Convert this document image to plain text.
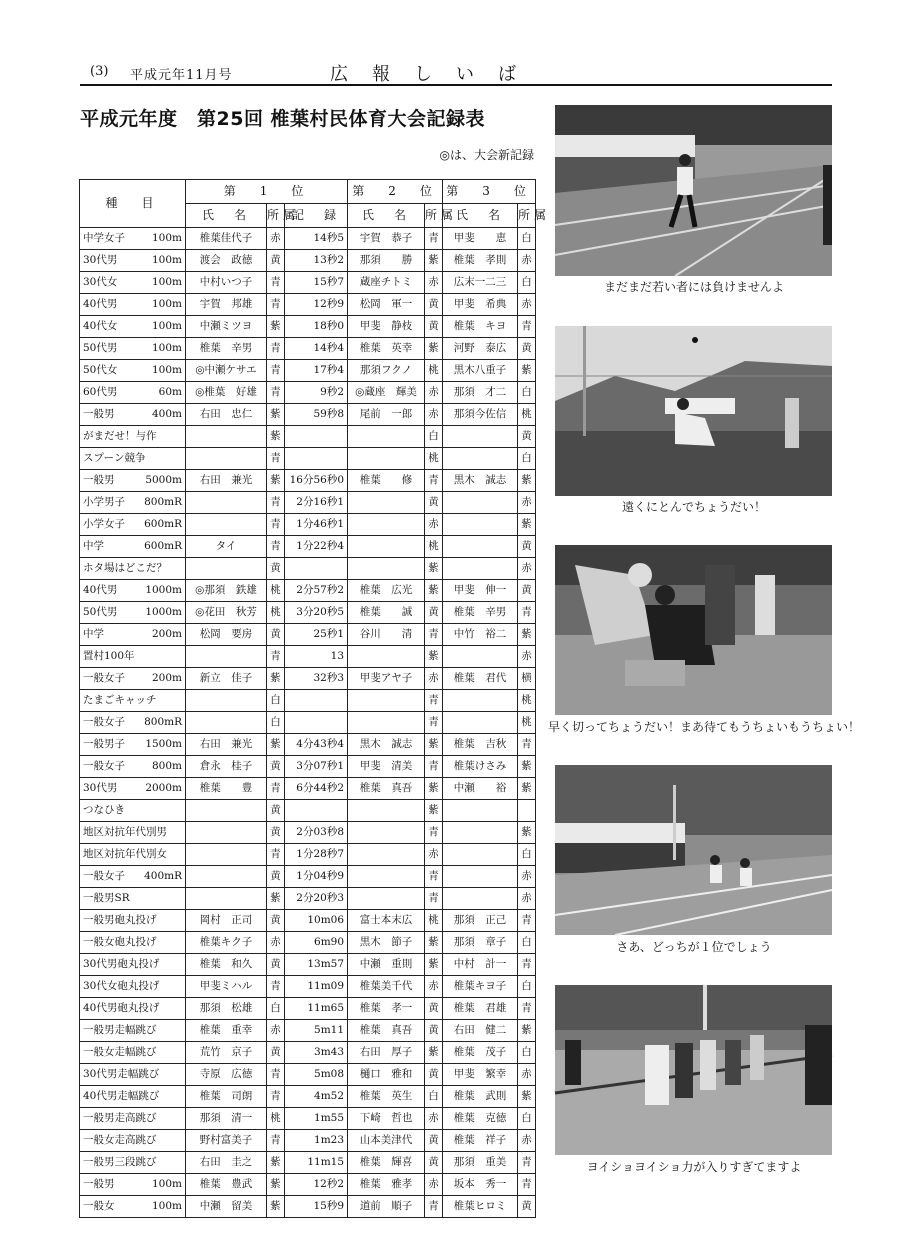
(3) 平成元年11月号	広報しいば
平成元年度　第25回 椎葉村民体育大会記録表
◎は、大会新記録
種　目	第　1　位			第　2　位		第　3　位	
	氏　名	所属	記　録	氏　名	所属	氏　名	所属

中学女子 100m	椎葉佳代子	赤	14秒5	宇賀　恭子	青	甲斐　　恵	白

30代男 100m	渡会　政徳	黄	13秒2	那須　　勝	紫	椎葉　孝則	赤

30代女 100m	中村いつ子	青	15秒7	蔵座チトミ	赤	広末一二三	白

40代男 100m	宇賀　邦雄	青	12秒9	松岡　軍一	黄	甲斐　希典	赤

40代女 100m	中瀬ミツヨ	紫	18秒0	甲斐　静枝	黄	椎葉　キヨ	青

50代男 100m	椎葉　辛男	青	14秒4	椎葉　英幸	紫	河野　泰広	黄

50代女 100m	◎中瀬ケサエ	青	17秒4	那須フクノ	桃	黒木八重子	紫

60代男 60m	◎椎葉　好雄	青	9秒2	◎蔵座　輝美	赤	那須　才二	白

一般男 400m	右田　忠仁	紫	59秒8	尾前　一郎	赤	那須今佐信	桃

がまだせ！与作		紫			白		黄

スプーン競争		青			桃		白

一般男 5000m	右田　兼光	紫	16分56秒0	椎葉　　修	青	黒木　誠志	紫

小学男子 800mR		青	2分16秒1		黄		赤

小学女子 600mR		青	1分46秒1		赤		紫

中学 600mR	タイ	青	1分22秒4		桃		黄

ホタ場はどこだ？		黄			紫		赤

40代男 1000m	◎那須　鉄雄	桃	2分57秒2	椎葉　広光	紫	甲斐　伸一	黄

50代男 1000m	◎花田　秋芳	桃	3分20秒5	椎葉　　誠	黄	椎葉　辛男	青

中学 200m	松岡　要房	黄	25秒1	谷川　　清	青	中竹　裕二	紫

置村100年		青	13		紫		赤

一般女子 200m	新立　佳子	紫	32秒3	甲斐アヤ子	赤	椎葉　君代	横

たまごキャッチ		白			青		桃

一般女子 800mR		白			青		桃

一般男子 1500m	右田　兼光	紫	4分43秒4	黒木　誠志	紫	椎葉　吉秋	青

一般女子 800m	倉永　桂子	黄	3分07秒1	甲斐　清美	青	椎葉けさみ	紫

30代男 2000m	椎葉　　豊	青	6分44秒2	椎葉　真吾	紫	中瀬　　裕	紫

つなひき		黄			紫		

地区対抗年代別男		黄	2分03秒8		青		紫

地区対抗年代別女		青	1分28秒7		赤		白

一般女子 400mR		黄	1分04秒9		青		赤

一般男SR		紫	2分20秒3		青		赤

一般男砲丸投げ	岡村　正司	黄	10m06	富士本末広	桃	那須　正己	青

一般女砲丸投げ	椎葉キク子	赤	6m90	黒木　節子	紫	那須　章子	白

30代男砲丸投げ	椎葉　和久	黄	13m57	中瀬　重則	紫	中村　計一	青

30代女砲丸投げ	甲斐ミハル	青	11m09	椎葉美千代	赤	椎葉キヨ子	白

40代男砲丸投げ	那須　松雄	白	11m65	椎葉　孝一	黄	椎葉　君雄	青

一般男走幅跳び	椎葉　重幸	赤	5m11	椎葉　真吾	黄	右田　健二	紫

一般女走幅跳び	荒竹　京子	黄	3m43	右田　厚子	紫	椎葉　茂子	白

30代男走幅跳び	寺原　広徳	青	5m08	樋口　雅和	黄	甲斐　繁幸	赤

40代男走幅跳び	椎葉　司朗	青	4m52	椎葉　英生	白	椎葉　武則	紫

一般男走高跳び	那須　清一	桃	1m55	下崎　哲也	赤	椎葉　克徳	白

一般女走高跳び	野村富美子	青	1m23	山本美津代	黄	椎葉　祥子	赤

一般男三段跳び	右田　圭之	紫	11m15	椎葉　輝喜	黄	那須　重美	青

一般男 100m	椎葉　豊武	紫	12秒2	椎葉　雅孝	赤	坂本　秀一	青

一般女 100m	中瀬　留美	紫	15秒9	道前　順子	青	椎葉ヒロミ	黄
まだまだ若い者には負けませんよ
遠くにとんでちょうだい！
早く切ってちょうだい！まあ待てもうちょいもうちょい！
さあ、どっちが１位でしょう
ヨイショヨイショ力が入りすぎてますよ
